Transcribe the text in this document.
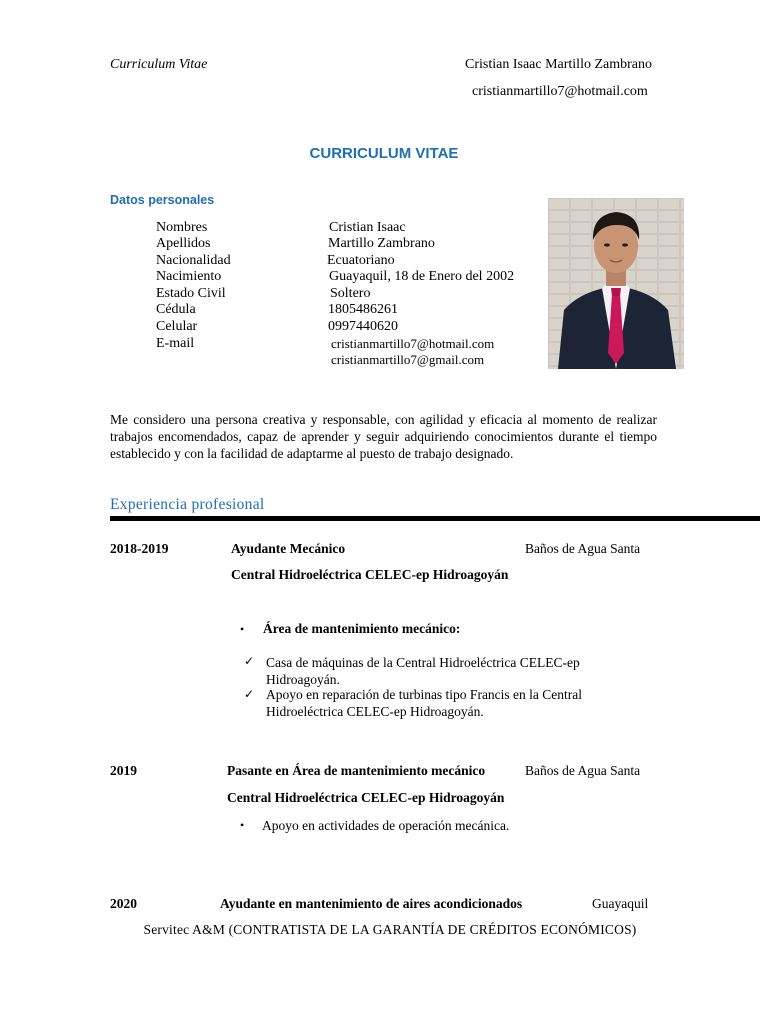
Curriculum Vitae	Cristian Isaac Martillo Zambrano
cristianmartillo7@hotmail.com
CURRICULUM VITAE
Datos personales
Nombres	Cristian Isaac
Apellidos	Martillo Zambrano
Nacionalidad	Ecuatoriano
Nacimiento	Guayaquil, 18 de Enero del 2002
Estado Civil	Soltero
Cédula	1805486261
Celular	0997440620
E-mail	cristianmartillo7@hotmail.com
cristianmartillo7@gmail.com
Me considero una persona creativa y responsable, con agilidad y eficacia al momento de realizar trabajos encomendados, capaz de aprender y seguir adquiriendo conocimientos durante el tiempo establecido y con la facilidad de adaptarme al puesto de trabajo designado.
Experiencia profesional
2018-2019	Ayudante Mecánico	Baños de Agua Santa
Central Hidroeléctrica CELEC-ep Hidroagoyán
• Área de mantenimiento mecánico:
✓ Casa de máquinas de la Central Hidroeléctrica CELEC-ep Hidroagoyán.
✓ Apoyo en reparación de turbinas tipo Francis en la Central Hidroeléctrica CELEC-ep Hidroagoyán.
2019	Pasante en Área de mantenimiento mecánico	Baños de Agua Santa
Central Hidroeléctrica CELEC-ep Hidroagoyán
• Apoyo en actividades de operación mecánica.
2020	Ayudante en mantenimiento de aires acondicionados	Guayaquil
Servitec A&M (CONTRATISTA DE LA GARANTÍA DE CRÉDITOS ECONÓMICOS)
